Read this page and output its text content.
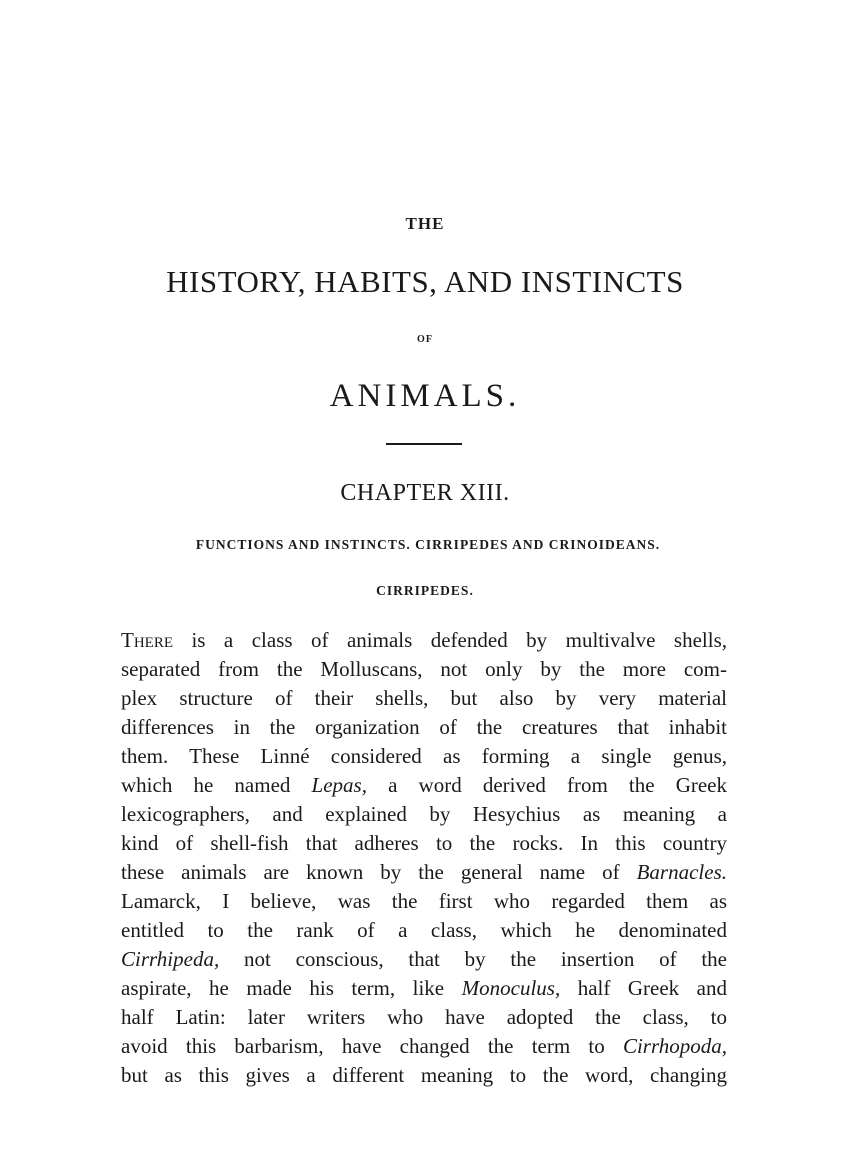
THE
HISTORY, HABITS, AND INSTINCTS
OF
ANIMALS.
CHAPTER XIII.
FUNCTIONS AND INSTINCTS. CIRRIPEDES AND CRINOIDEANS.
CIRRIPEDES.
There is a class of animals defended by multivalve shells,
separated from the Molluscans, not only by the more com-
plex structure of their shells, but also by very material
differences in the organization of the creatures that inhabit
them. These Linné considered as forming a single genus,
which he named Lepas, a word derived from the Greek
lexicographers, and explained by Hesychius as meaning a
kind of shell-fish that adheres to the rocks. In this country
these animals are known by the general name of Barnacles.
Lamarck, I believe, was the first who regarded them as
entitled to the rank of a class, which he denominated
Cirrhipeda, not conscious, that by the insertion of the
aspirate, he made his term, like Monoculus, half Greek and
half Latin: later writers who have adopted the class, to
avoid this barbarism, have changed the term to Cirrhopoda,
but as this gives a different meaning to the word, changing
